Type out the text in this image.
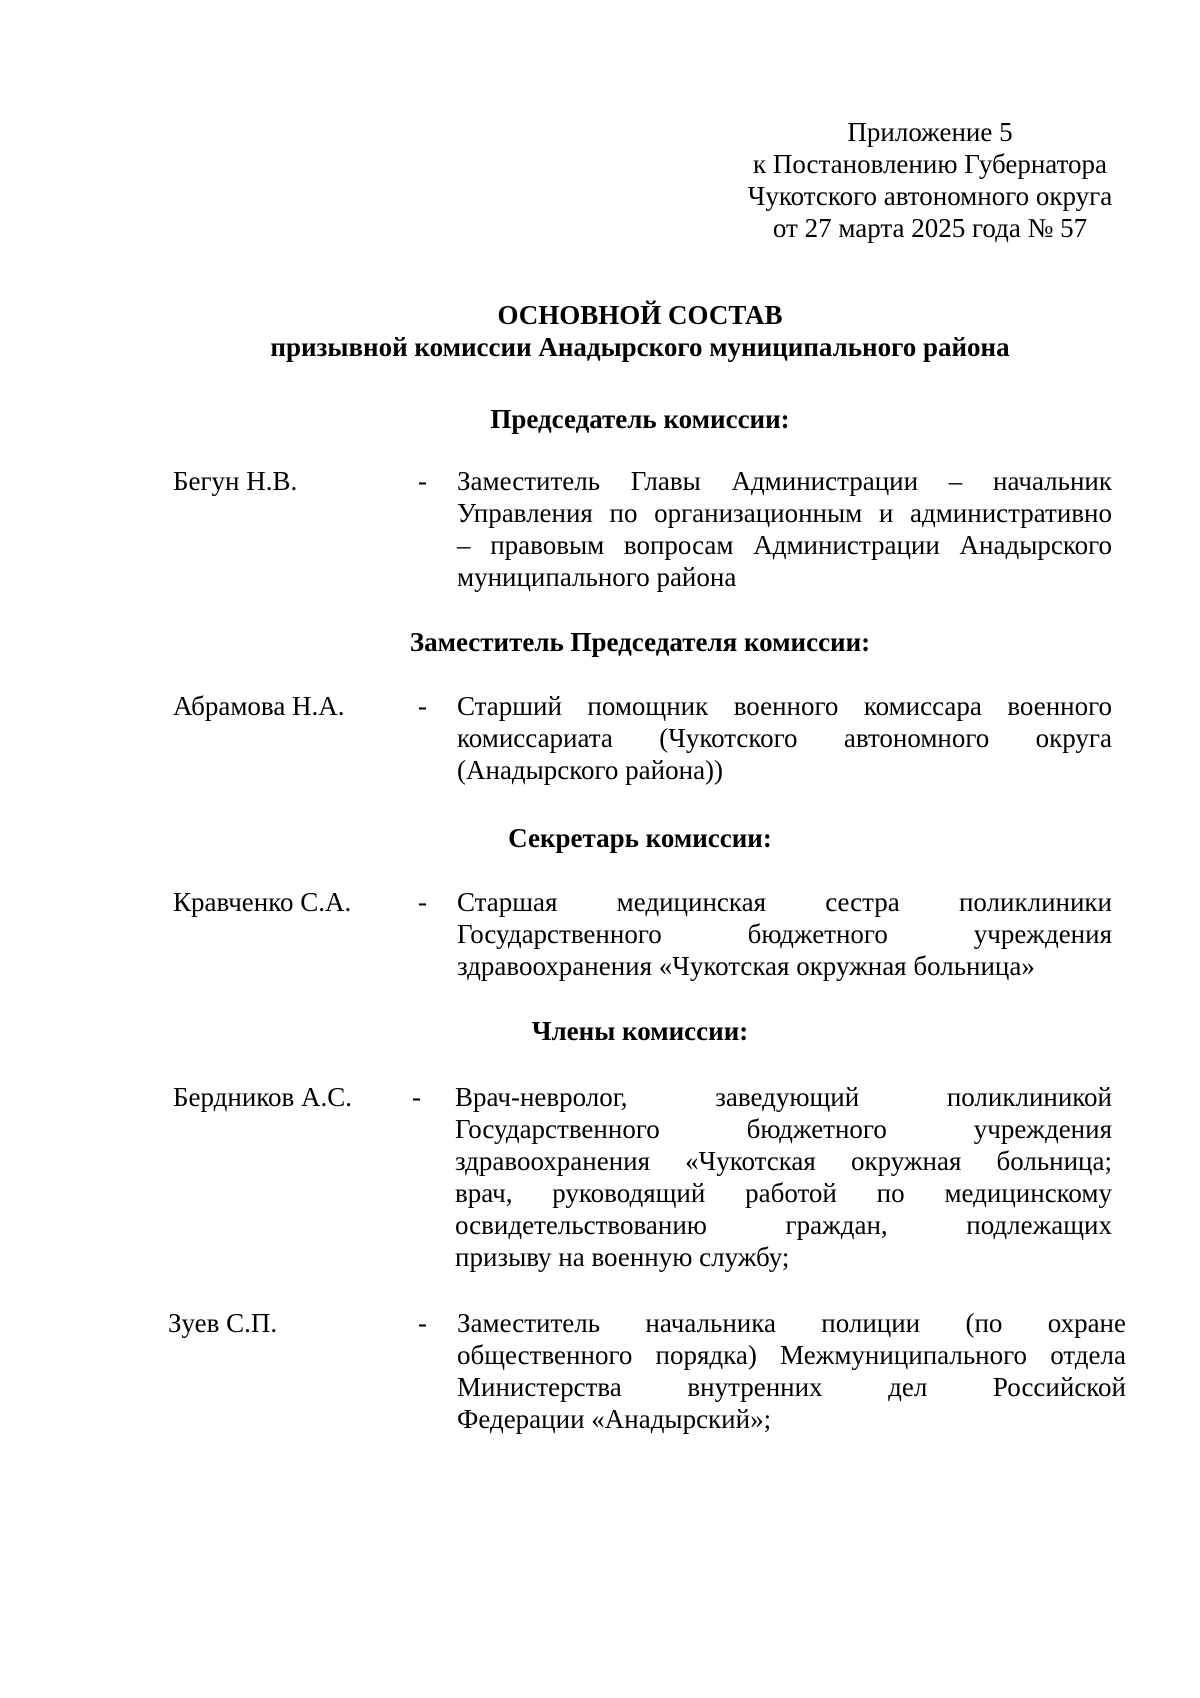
Приложение 5
к Постановлению Губернатора
Чукотского автономного округа
от 27 марта 2025 года № 57
ОСНОВНОЙ СОСТАВ
призывной комиссии Анадырского муниципального района
Председатель комиссии:
Бегун Н.В.	- Заместитель Главы Администрации – начальник
Управления по организационным и административно
– правовым вопросам Администрации Анадырского
муниципального района
Заместитель Председателя комиссии:
Абрамова Н.А.	- Старший помощник военного комиссара военного
комиссариата (Чукотского автономного округа
(Анадырского района))
Секретарь комиссии:
Кравченко С.А. - Старшая медицинская сестра поликлиники
Государственного бюджетного учреждения
здравоохранения «Чукотская окружная больница»
Члены комиссии:
Бердников А.С. - Врач-невролог, заведующий поликлиникой
Государственного бюджетного учреждения
здравоохранения «Чукотская окружная больница;
врач, руководящий работой по медицинскому
освидетельствованию граждан, подлежащих
призыву на военную службу;
Зуев С.П.	- Заместитель начальника полиции (по охране
общественного порядка) Межмуниципального отдела
Министерства внутренних дел Российской
Федерации «Анадырский»;
